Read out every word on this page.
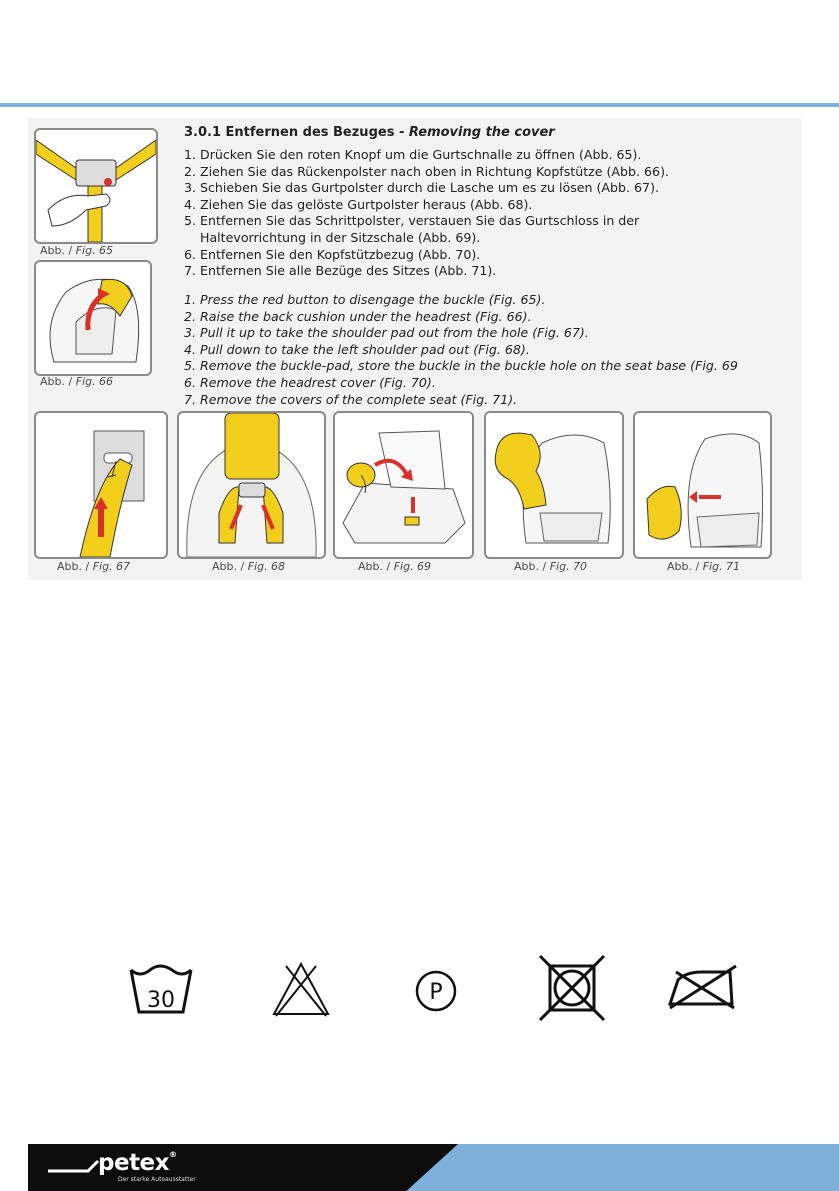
Abb. / Fig. 65
Abb. / Fig. 66
3.0.1 Entfernen des Bezuges - Removing the cover
1. Drücken Sie den roten Knopf um die Gurtschnalle zu öffnen (Abb. 65).
2. Ziehen Sie das Rückenpolster nach oben in Richtung Kopfstütze (Abb. 66).
3. Schieben Sie das Gurtpolster durch die Lasche um es zu lösen (Abb. 67).
4. Ziehen Sie das gelöste Gurtpolster heraus (Abb. 68).
5. Entfernen Sie das Schrittpolster, verstauen Sie das Gurtschloss in der
Haltevorrichtung in der Sitzschale (Abb. 69).
6. Entfernen Sie den Kopfstützbezug (Abb. 70).
7. Entfernen Sie alle Bezüge des Sitzes (Abb. 71).
1. Press the red button to disengage the buckle (Fig. 65).
2. Raise the back cushion under the headrest (Fig. 66).
3. Pull it up to take the shoulder pad out from the hole (Fig. 67).
4. Pull down to take the left shoulder pad out (Fig. 68).
5. Remove the buckle-pad, store the buckle in the buckle hole on the seat base (Fig. 69
6. Remove the headrest cover (Fig. 70).
7. Remove the covers of the complete seat (Fig. 71).
Abb. / Fig. 67	Abb. / Fig. 68	Abb. / Fig. 69	Abb. / Fig. 70	Abb. / Fig. 71
30	P
petex®
Der starke Autoausstatter
